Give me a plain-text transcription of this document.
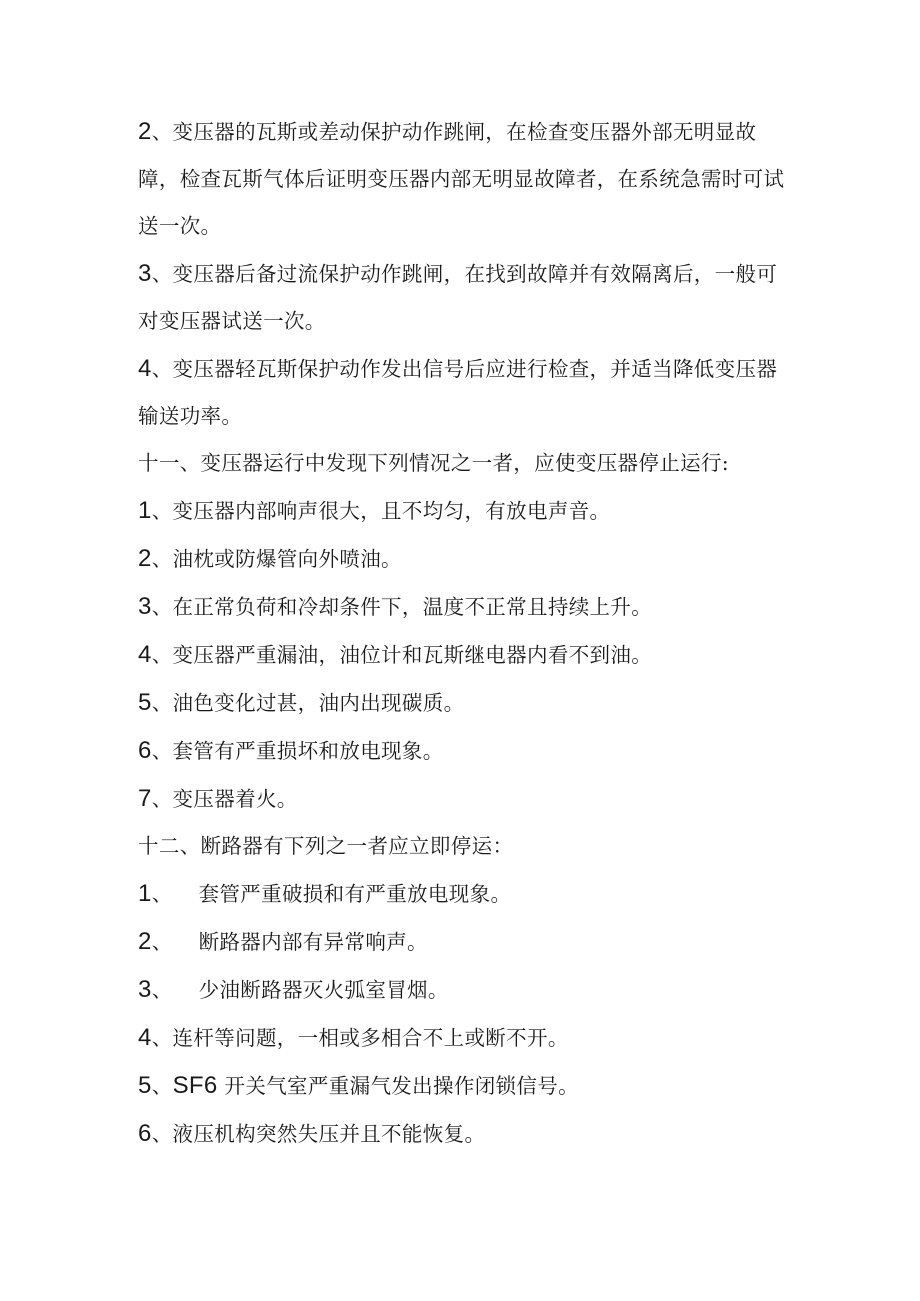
2、变压器的瓦斯或差动保护动作跳闸，在检查变压器外部无明显故障，检查瓦斯气体后证明变压器内部无明显故障者，在系统急需时可试送一次。

3、变压器后备过流保护动作跳闸，在找到故障并有效隔离后，一般可对变压器试送一次。

4、变压器轻瓦斯保护动作发出信号后应进行检查，并适当降低变压器输送功率。

十一、变压器运行中发现下列情况之一者，应使变压器停止运行:

1、变压器内部响声很大，且不均匀，有放电声音。

2、油枕或防爆管向外喷油。

3、在正常负荷和冷却条件下，温度不正常且持续上升。

4、变压器严重漏油，油位计和瓦斯继电器内看不到油。

5、油色变化过甚，油内出现碳质。

6、套管有严重损坏和放电现象。

7、变压器着火。

十二、断路器有下列之一者应立即停运：

1、 套管严重破损和有严重放电现象。

2、 断路器内部有异常响声。

3、 少油断路器灭火弧室冒烟。

4、连杆等问题，一相或多相合不上或断不开。

5、SF6 开关气室严重漏气发出操作闭锁信号。

6、液压机构突然失压并且不能恢复。
